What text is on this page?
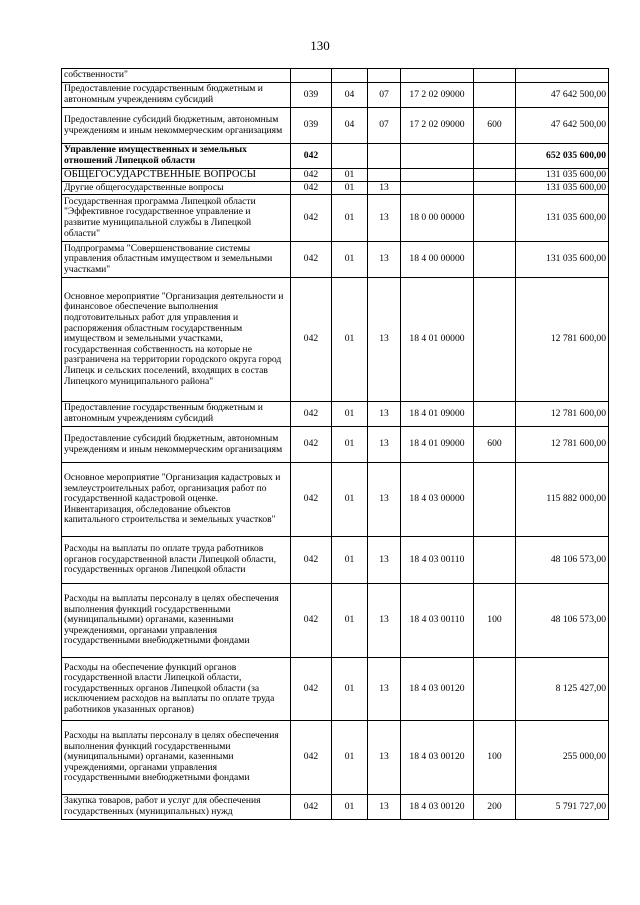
130
собственности"						
Предоставление государственным бюджетным и автономным учреждениям субсидий	039	04	07	17 2 02 09000		47 642 500,00
Предоставление субсидий бюджетным, автономным учреждениям и иным некоммерческим организациям	039	04	07	17 2 02 09000	600	47 642 500,00
Управление имущественных и земельных отношений Липецкой области	042					652 035 600,00
ОБЩЕГОСУДАРСТВЕННЫЕ ВОПРОСЫ	042	01				131 035 600,00
Другие общегосударственные вопросы	042	01	13			131 035 600,00
Государственная программа Липецкой области "Эффективное государственное управление и развитие муниципальной службы в Липецкой области"	042	01	13	18 0 00 00000		131 035 600,00
Подпрограмма "Совершенствование системы управления областным имуществом и земельными участками"	042	01	13	18 4 00 00000		131 035 600,00
Основное мероприятие "Организация деятельности и финансовое обеспечение выполнения подготовительных работ для управления и распоряжения областным государственным имуществом и земельными участками, государственная собственность на которые не разграничена на территории городского округа город Липецк и сельских поселений, входящих в состав Липецкого муниципального района"	042	01	13	18 4 01 00000		12 781 600,00
Предоставление государственным бюджетным и автономным учреждениям субсидий	042	01	13	18 4 01 09000		12 781 600,00
Предоставление субсидий бюджетным, автономным учреждениям и иным некоммерческим организациям	042	01	13	18 4 01 09000	600	12 781 600,00
Основное мероприятие "Организация кадастровых и землеустроительных работ, организация работ по государственной кадастровой оценке. Инвентаризация, обследование объектов капитального строительства и земельных участков"	042	01	13	18 4 03 00000		115 882 000,00
Расходы на выплаты по оплате труда работников органов государственной власти Липецкой области, государственных органов Липецкой области	042	01	13	18 4 03 00110		48 106 573,00
Расходы на выплаты персоналу в целях обеспечения выполнения функций государственными (муниципальными) органами, казенными учреждениями, органами управления государственными внебюджетными фондами	042	01	13	18 4 03 00110	100	48 106 573,00
Расходы на обеспечение функций органов государственной власти Липецкой области, государственных органов Липецкой области (за исключением расходов на выплаты по оплате труда работников указанных органов)	042	01	13	18 4 03 00120		8 125 427,00
Расходы на выплаты персоналу в целях обеспечения выполнения функций государственными (муниципальными) органами, казенными учреждениями, органами управления государственными внебюджетными фондами	042	01	13	18 4 03 00120	100	255 000,00
Закупка товаров, работ и услуг для обеспечения государственных (муниципальных) нужд	042	01	13	18 4 03 00120	200	5 791 727,00
